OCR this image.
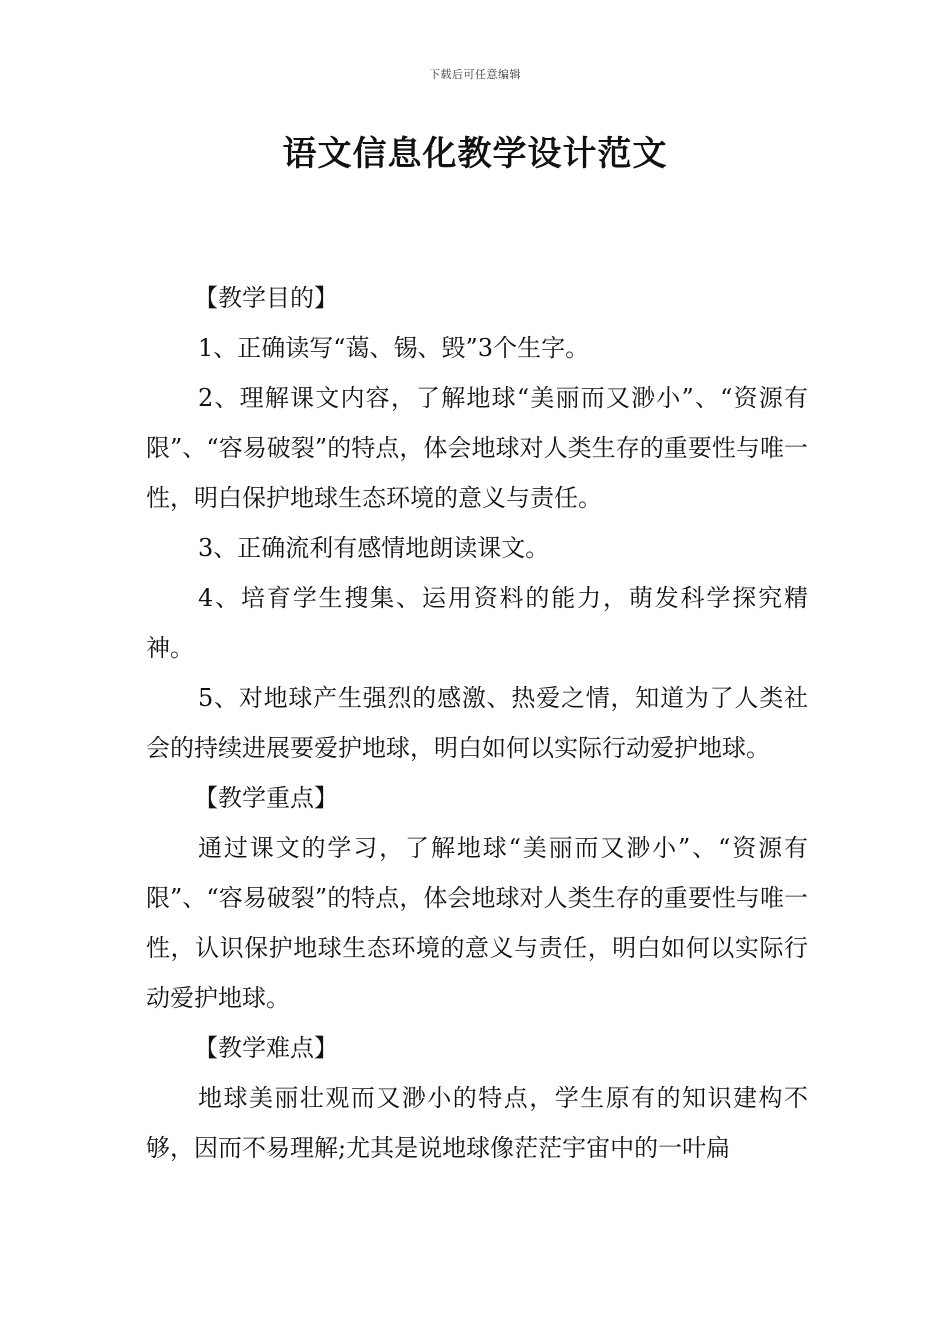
下载后可任意编辑
语文信息化教学设计范文

【教学目的】

1、正确读写“蔼、锡、毁”3个生字。

2、理解课文内容，了解地球“美丽而又渺小”、“资源有限”、“容易破裂”的特点，体会地球对人类生存的重要性与唯一性，明白保护地球生态环境的意义与责任。

3、正确流利有感情地朗读课文。

4、培育学生搜集、运用资料的能力，萌发科学探究精神。

5、对地球产生强烈的感激、热爱之情，知道为了人类社会的持续进展要爱护地球，明白如何以实际行动爱护地球。

【教学重点】

通过课文的学习，了解地球“美丽而又渺小”、“资源有限”、“容易破裂”的特点，体会地球对人类生存的重要性与唯一性，认识保护地球生态环境的意义与责任，明白如何以实际行动爱护地球。

【教学难点】

地球美丽壮观而又渺小的特点，学生原有的知识建构不够，因而不易理解;尤其是说地球像茫茫宇宙中的一叶扁
